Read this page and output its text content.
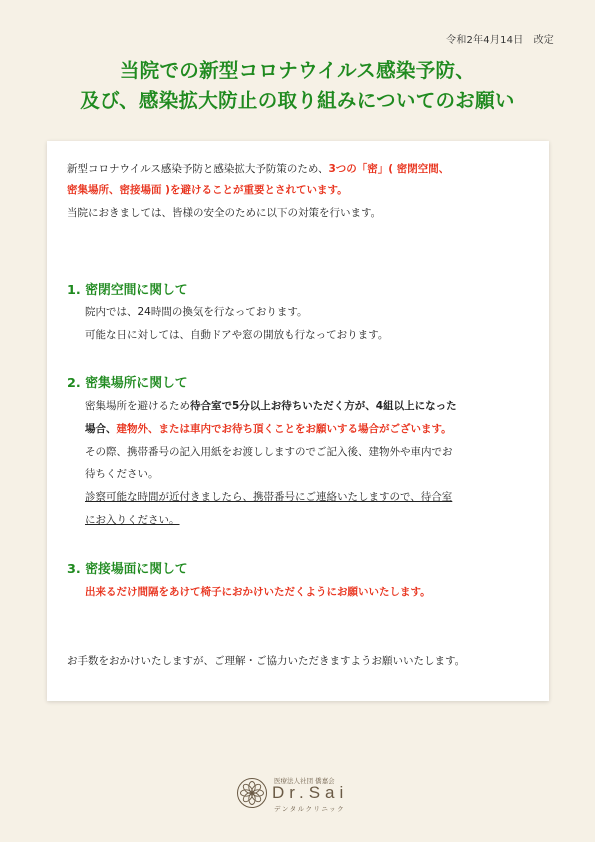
令和2年4月14日　改定
当院での新型コロナウイルス感染予防、
及び、感染拡大防止の取り組みについてのお願い
新型コロナウイルス感染予防と感染拡大予防策のため、3つの「密」( 密閉空間、
密集場所、密接場面 )を避けることが重要とされています。
当院におきましては、皆様の安全のために以下の対策を行います。
1. 密閉空間に関して
院内では、24時間の換気を行なっております。
可能な日に対しては、自動ドアや窓の開放も行なっております。
2. 密集場所に関して
密集場所を避けるため待合室で5分以上お待ちいただく方が、4組以上になった
場合、建物外、または車内でお待ち頂くことをお願いする場合がございます。
その際、携帯番号の記入用紙をお渡ししますのでご記入後、建物外や車内でお
待ちください。
診察可能な時間が近付きましたら、携帯番号にご連絡いたしますので、待合室
にお入りください。
3. 密接場面に関して
出来るだけ間隔をあけて椅子におかけいただくようにお願いいたします。
お手数をおかけいたしますが、ご理解・ご協力いただきますようお願いいたします。
医療法人社団 僑嘉会
Dr.Sai
デンタルクリニック
